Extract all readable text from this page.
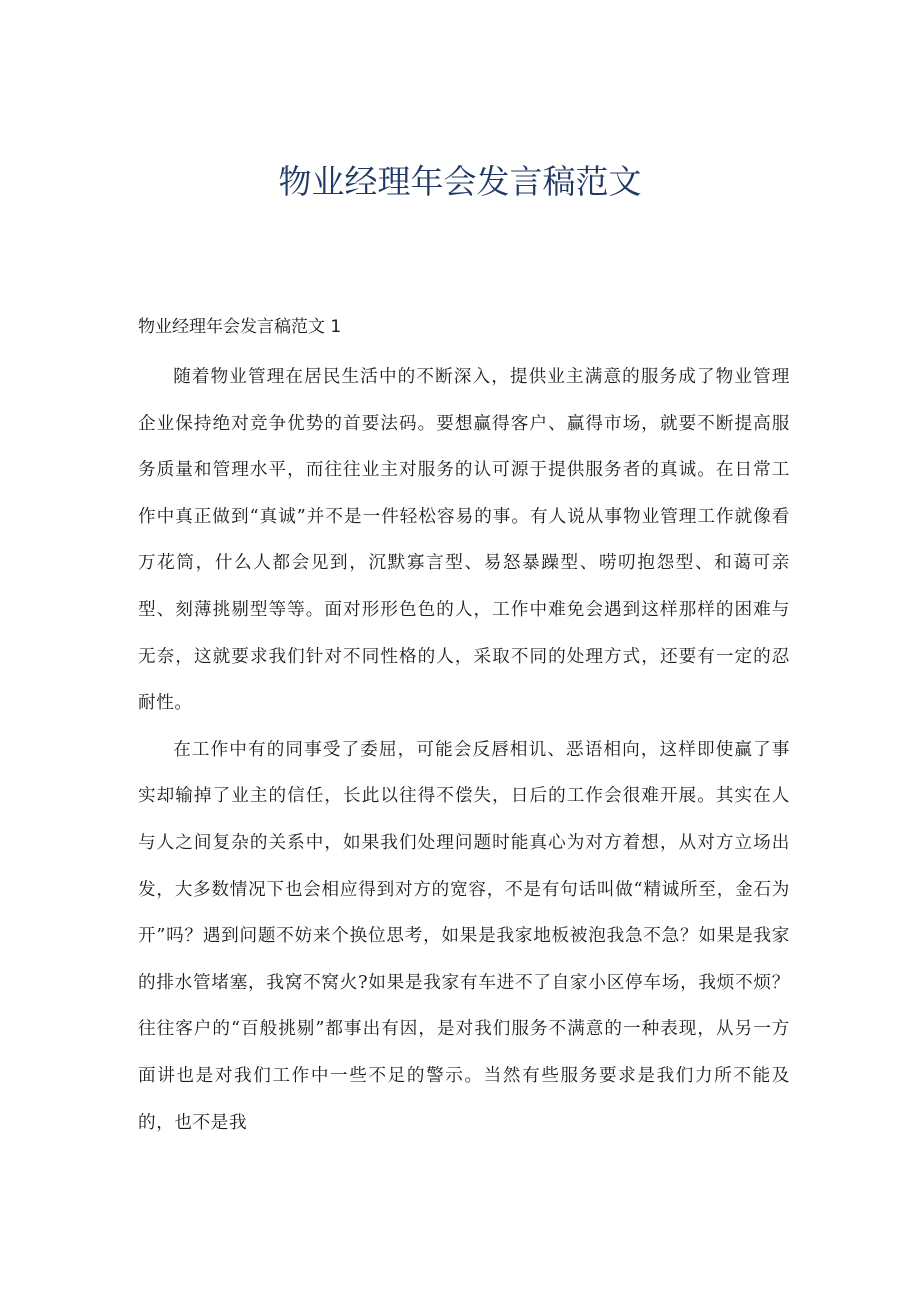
物业经理年会发言稿范文
物业经理年会发言稿范文 1

随着物业管理在居民生活中的不断深入，提供业主满意的服务成了物业管理企业保持绝对竞争优势的首要法码。要想赢得客户、赢得市场，就要不断提高服务质量和管理水平，而往往业主对服务的认可源于提供服务者的真诚。在日常工作中真正做到“真诚”并不是一件轻松容易的事。有人说从事物业管理工作就像看万花筒，什么人都会见到，沉默寡言型、易怒暴躁型、唠叨抱怨型、和蔼可亲型、刻薄挑剔型等等。面对形形色色的人，工作中难免会遇到这样那样的困难与无奈，这就要求我们针对不同性格的人，采取不同的处理方式，还要有一定的忍耐性。

在工作中有的同事受了委屈，可能会反唇相讥、恶语相向，这样即使赢了事实却输掉了业主的信任，长此以往得不偿失，日后的工作会很难开展。其实在人与人之间复杂的关系中，如果我们处理问题时能真心为对方着想，从对方立场出发，大多数情况下也会相应得到对方的宽容，不是有句话叫做“精诚所至，金石为开”吗？遇到问题不妨来个换位思考，如果是我家地板被泡我急不急？如果是我家的排水管堵塞，我窝不窝火?如果是我家有车进不了自家小区停车场，我烦不烦？往往客户的“百般挑剔”都事出有因，是对我们服务不满意的一种表现，从另一方面讲也是对我们工作中一些不足的警示。当然有些服务要求是我们力所不能及的，也不是我
